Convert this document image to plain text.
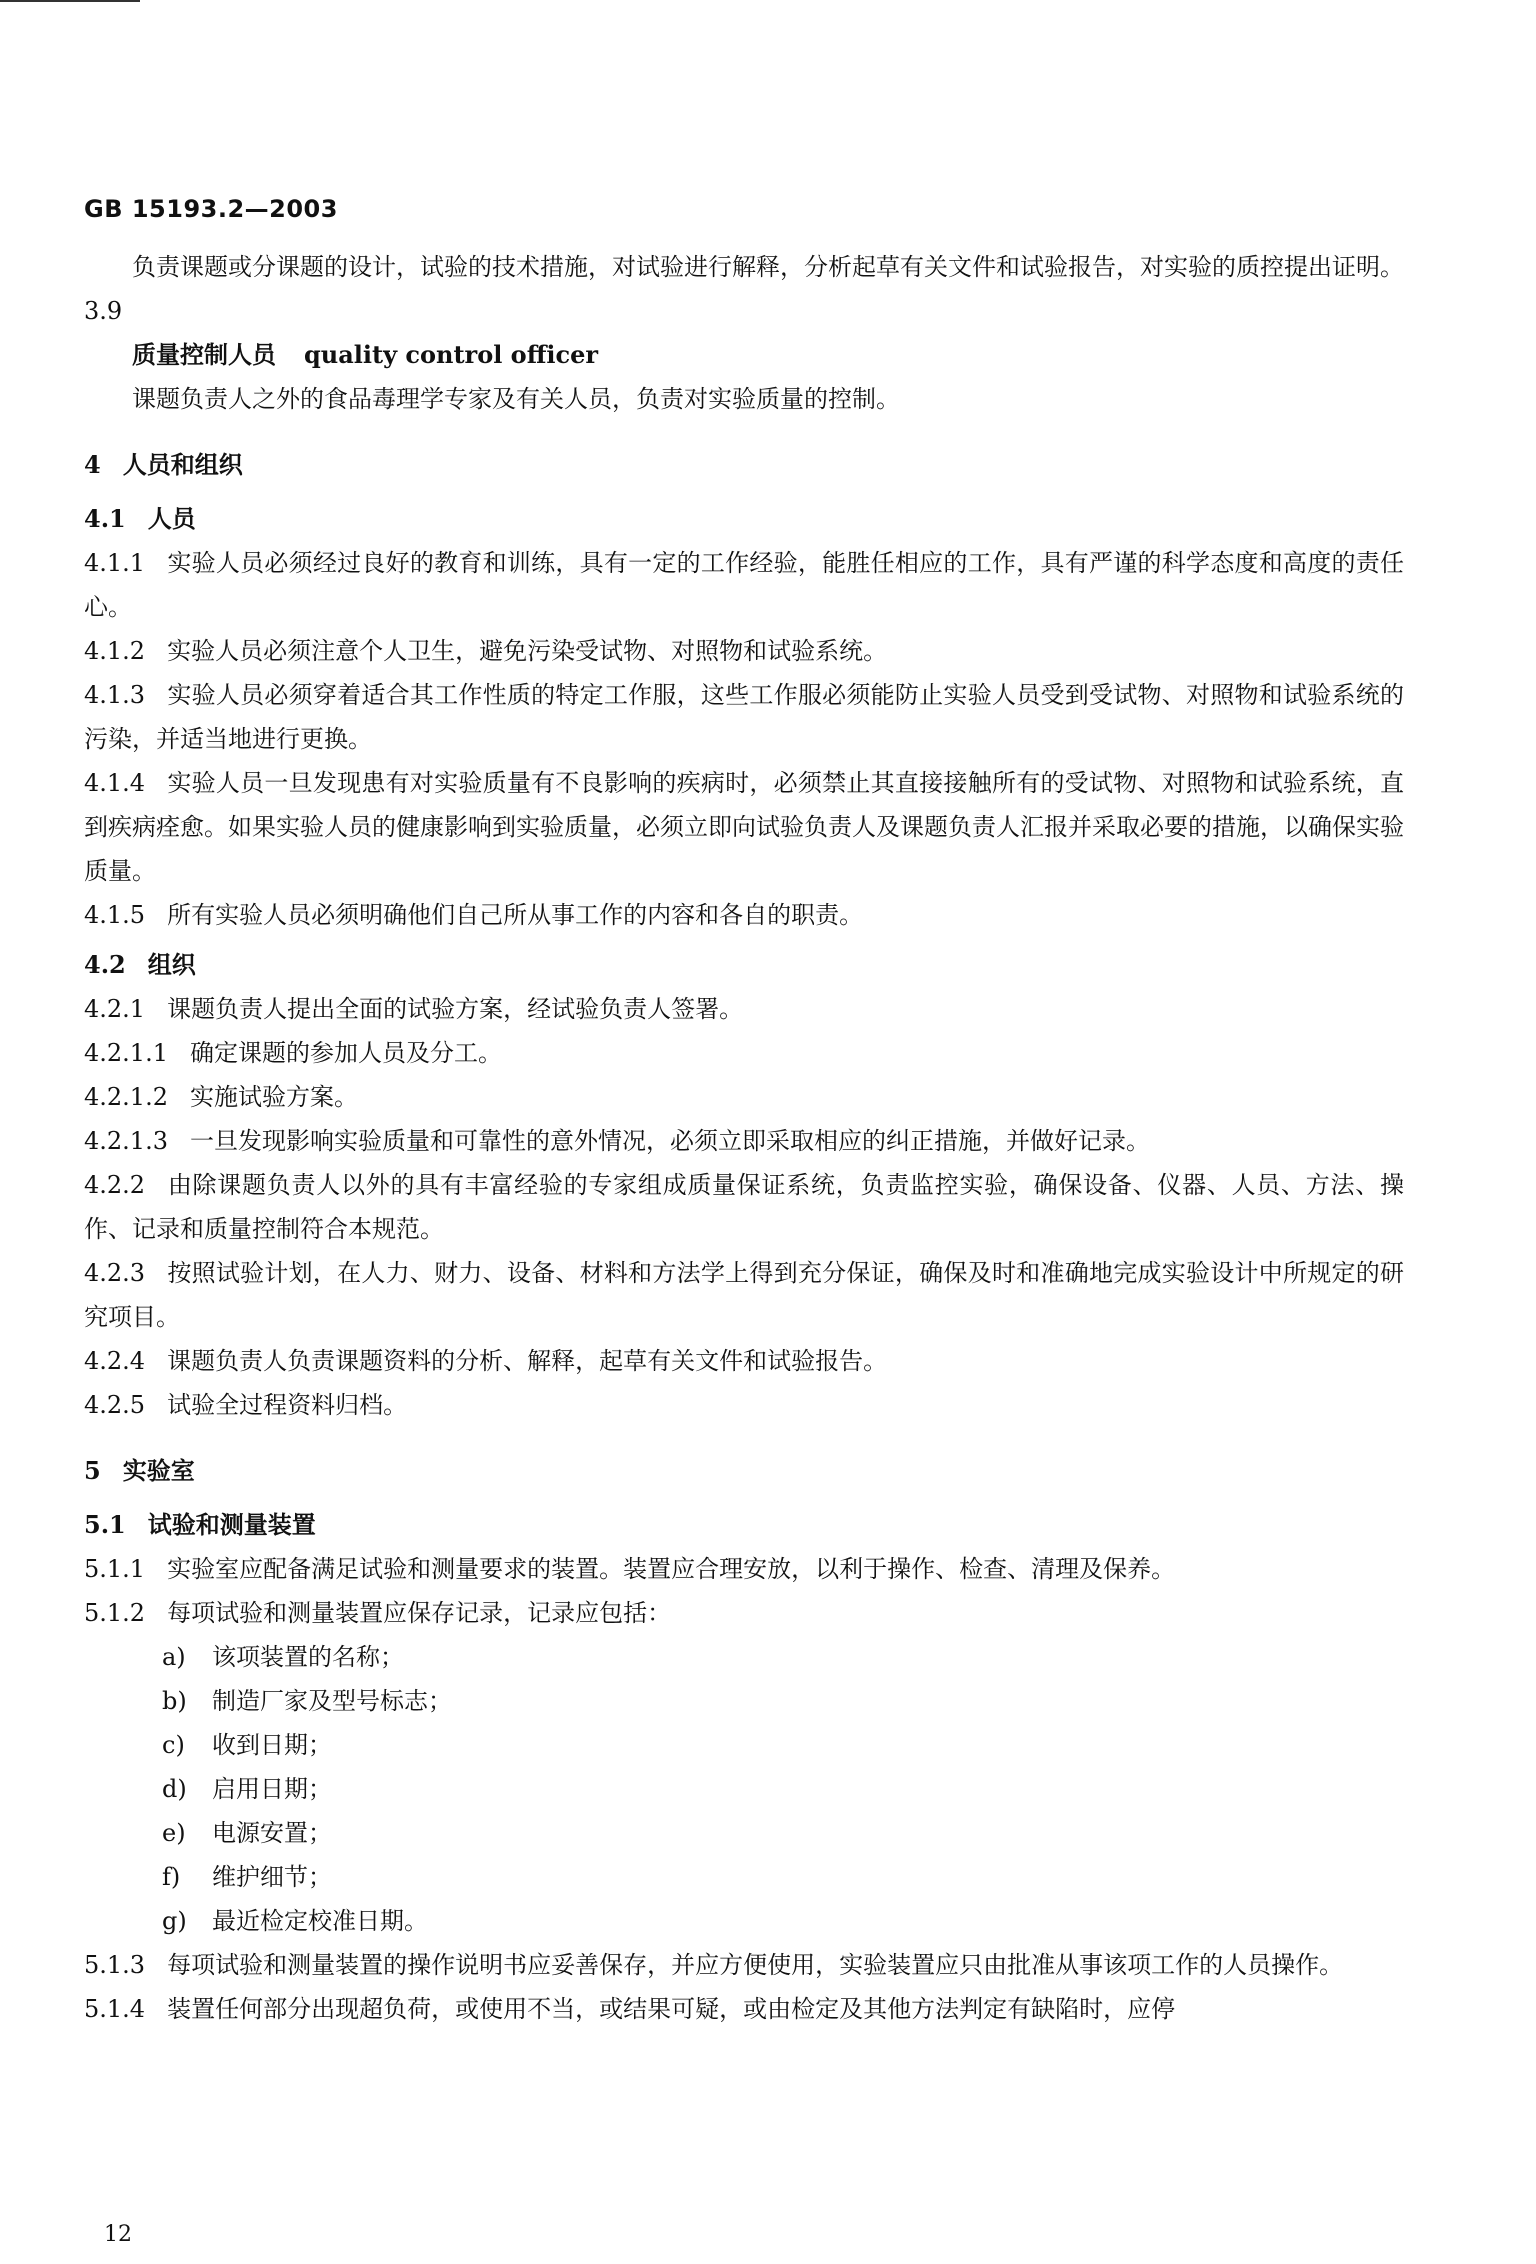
GB 15193.2—2003

负责课题或分课题的设计，试验的技术措施，对试验进行解释，分析起草有关文件和试验报告，对实验的质控提出证明。

3.9

质量控制人员 quality control officer

课题负责人之外的食品毒理学专家及有关人员，负责对实验质量的控制。

4 人员和组织
4.1 人员

4.1.1 实验人员必须经过良好的教育和训练，具有一定的工作经验，能胜任相应的工作，具有严谨的科学态度和高度的责任心。

4.1.2 实验人员必须注意个人卫生，避免污染受试物、对照物和试验系统。

4.1.3 实验人员必须穿着适合其工作性质的特定工作服，这些工作服必须能防止实验人员受到受试物、对照物和试验系统的污染，并适当地进行更换。

4.1.4 实验人员一旦发现患有对实验质量有不良影响的疾病时，必须禁止其直接接触所有的受试物、对照物和试验系统，直到疾病痊愈。如果实验人员的健康影响到实验质量，必须立即向试验负责人及课题负责人汇报并采取必要的措施，以确保实验质量。

4.1.5 所有实验人员必须明确他们自己所从事工作的内容和各自的职责。

4.2 组织

4.2.1 课题负责人提出全面的试验方案，经试验负责人签署。

4.2.1.1 确定课题的参加人员及分工。

4.2.1.2 实施试验方案。

4.2.1.3 一旦发现影响实验质量和可靠性的意外情况，必须立即采取相应的纠正措施，并做好记录。

4.2.2 由除课题负责人以外的具有丰富经验的专家组成质量保证系统，负责监控实验，确保设备、仪器、人员、方法、操作、记录和质量控制符合本规范。

4.2.3 按照试验计划，在人力、财力、设备、材料和方法学上得到充分保证，确保及时和准确地完成实验设计中所规定的研究项目。

4.2.4 课题负责人负责课题资料的分析、解释，起草有关文件和试验报告。

4.2.5 试验全过程资料归档。

5 实验室
5.1 试验和测量装置

5.1.1 实验室应配备满足试验和测量要求的装置。装置应合理安放，以利于操作、检查、清理及保养。

5.1.2 每项试验和测量装置应保存记录，记录应包括：

a) 该项装置的名称；
b) 制造厂家及型号标志；
c) 收到日期；
d) 启用日期；
e) 电源安置；
f) 维护细节；
g) 最近检定校准日期。

5.1.3 每项试验和测量装置的操作说明书应妥善保存，并应方便使用，实验装置应只由批准从事该项工作的人员操作。

5.1.4 装置任何部分出现超负荷，或使用不当，或结果可疑，或由检定及其他方法判定有缺陷时，应停

12
